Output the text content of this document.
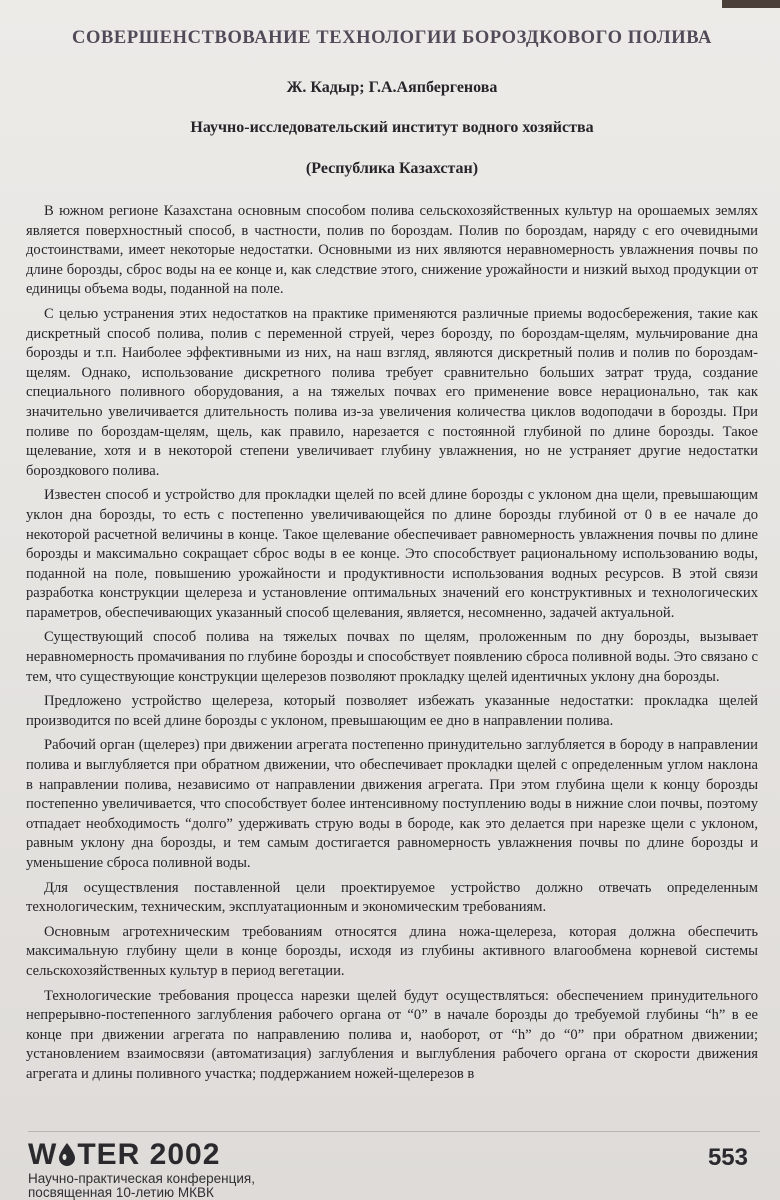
СОВЕРШЕНСТВОВАНИЕ ТЕХНОЛОГИИ БОРОЗДКОВОГО ПОЛИВА

Ж. Кадыр; Г.А.Аяпбергенова

Научно-исследовательский институт водного хозяйства

(Республика Казахстан)

В южном регионе Казахстана основным способом полива сельскохозяйственных культур на орошаемых землях является поверхностный способ, в частности, полив по бороздам. Полив по бороздам, наряду с его очевидными достоинствами, имеет некоторые недостатки. Основными из них являются неравномерность увлажнения почвы по длине борозды, сброс воды на ее конце и, как следствие этого, снижение урожайности и низкий выход продукции от единицы объема воды, поданной на поле.

С целью устранения этих недостатков на практике применяются различные приемы водосбережения, такие как дискретный способ полива, полив с переменной струей, через борозду, по бороздам-щелям, мульчирование дна борозды и т.п. Наиболее эффективными из них, на наш взгляд, являются дискретный полив и полив по бороздам-щелям. Однако, использование дискретного полива требует сравнительно больших затрат труда, создание специального поливного оборудования, а на тяжелых почвах его применение вовсе нерационально, так как значительно увеличивается длительность полива из-за увеличения количества циклов водоподачи в борозды. При поливе по бороздам-щелям, щель, как правило, нарезается с постоянной глубиной по длине борозды. Такое щелевание, хотя и в некоторой степени увеличивает глубину увлажнения, но не устраняет другие недостатки бороздкового полива.

Известен способ и устройство для прокладки щелей по всей длине борозды с уклоном дна щели, превышающим уклон дна борозды, то есть с постепенно увеличивающейся по длине борозды глубиной от 0 в ее начале до некоторой расчетной величины в конце. Такое щелевание обеспечивает равномерность увлажнения почвы по длине борозды и максимально сокращает сброс воды в ее конце. Это способствует рациональному использованию воды, поданной на поле, повышению урожайности и продуктивности использования водных ресурсов. В этой связи разработка конструкции щелереза и установление оптимальных значений его конструктивных и технологических параметров, обеспечивающих указанный способ щелевания, является, несомненно, задачей актуальной.

Существующий способ полива на тяжелых почвах по щелям, проложенным по дну борозды, вызывает неравномерность промачивания по глубине борозды и способствует появлению сброса поливной воды. Это связано с тем, что существующие конструкции щелерезов позволяют прокладку щелей идентичных уклону дна борозды.

Предложено устройство щелереза, который позволяет избежать указанные недостатки: прокладка щелей производится по всей длине борозды с уклоном, превышающим ее дно в направлении полива.

Рабочий орган (щелерез) при движении агрегата постепенно принудительно заглубляется в бороду в направлении полива и выглубляется при обратном движении, что обеспечивает прокладки щелей с определенным углом наклона в направлении полива, независимо от направлении движения агрегата. При этом глубина щели к концу борозды постепенно увеличивается, что способствует более интенсивному поступлению воды в нижние слои почвы, поэтому отпадает необходимость “долго” удерживать струю воды в бороде, как это делается при нарезке щели с уклоном, равным уклону дна борозды, и тем самым достигается равномерность увлажнения почвы по длине борозды и уменьшение сброса поливной воды.

Для осуществления поставленной цели проектируемое устройство должно отвечать определенным технологическим, техническим, эксплуатационным и экономическим требованиям.

Основным агротехническим требованиям относятся длина ножа-щелереза, которая должна обеспечить максимальную глубину щели в конце борозды, исходя из глубины активного влагообмена корневой системы сельскохозяйственных культур в период вегетации.

Технологические требования процесса нарезки щелей будут осуществляться: обеспечением принудительного непрерывно-постепенного заглубления рабочего органа от “0” в начале борозды до требуемой глубины “h” в ее конце при движении агрегата по направлению полива и, наоборот, от “h” до “0” при обратном движении; установлением взаимосвязи (автоматизация) заглубления и выглубления рабочего органа от скорости движения агрегата и длины поливного участка; поддержанием ножей-щелерезов в

W TER 2002
Научно-практическая конференция,
посвященная 10-летию МКВК
553
